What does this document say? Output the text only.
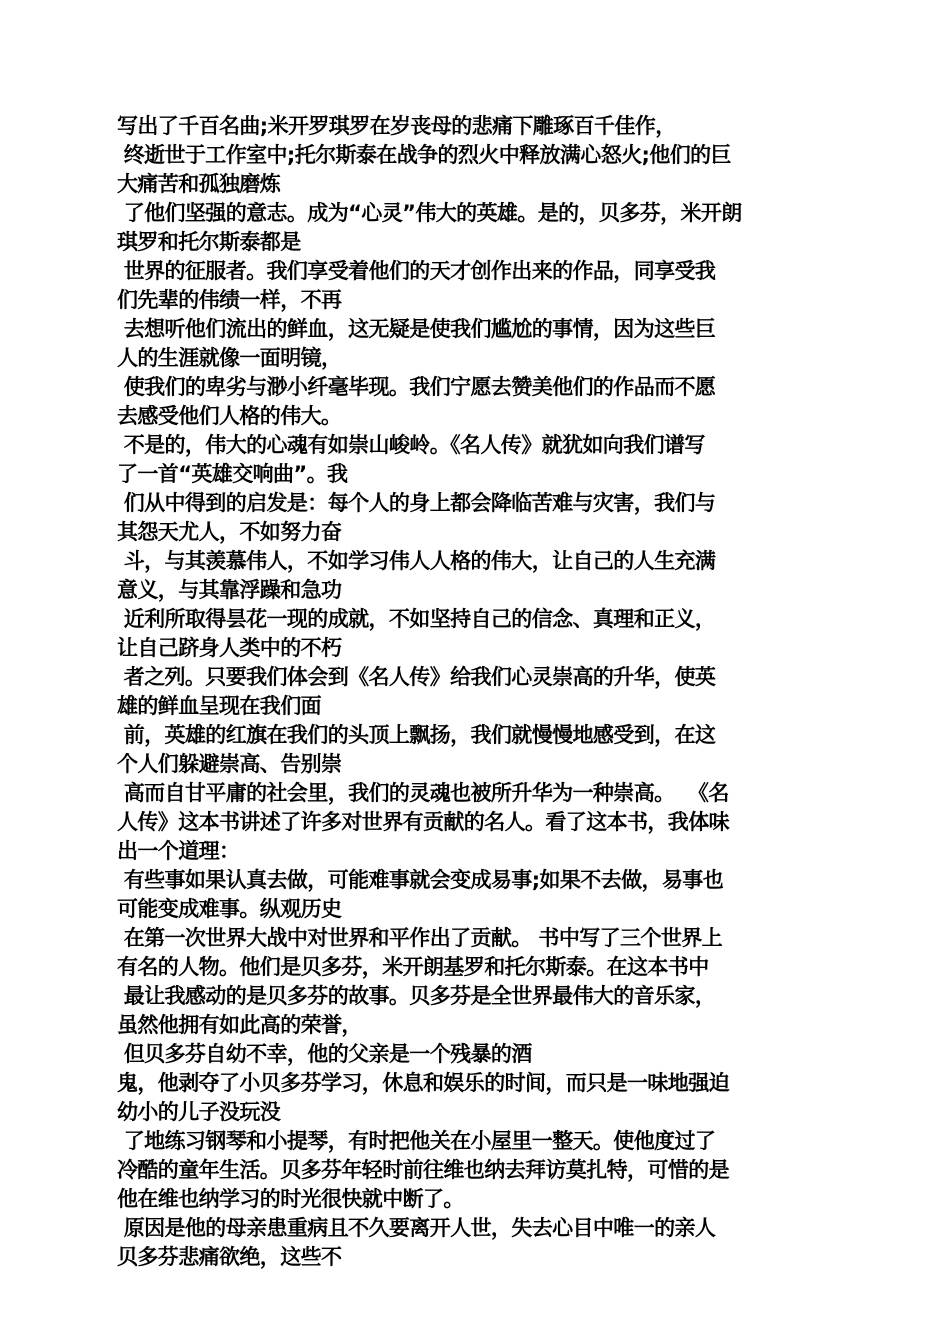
写出了千百名曲;米开罗琪罗在岁丧母的悲痛下雕琢百千佳作，
终逝世于工作室中;托尔斯泰在战争的烈火中释放满心怒火;他们的巨
大痛苦和孤独磨炼
了他们坚强的意志。成为“心灵”伟大的英雄。是的，贝多芬，米开朗
琪罗和托尔斯泰都是
世界的征服者。我们享受着他们的天才创作出来的作品，同享受我
们先辈的伟绩一样，不再
去想听他们流出的鲜血，这无疑是使我们尴尬的事情，因为这些巨
人的生涯就像一面明镜，
使我们的卑劣与渺小纤毫毕现。我们宁愿去赞美他们的作品而不愿
去感受他们人格的伟大。
不是的，伟大的心魂有如崇山峻岭。《名人传》就犹如向我们谱写
了一首“英雄交响曲”。我
们从中得到的启发是：每个人的身上都会降临苦难与灾害，我们与
其怨天尤人，不如努力奋
斗，与其羡慕伟人，不如学习伟人人格的伟大，让自己的人生充满
意义，与其靠浮躁和急功
近利所取得昙花一现的成就，不如坚持自己的信念、真理和正义，
让自己跻身人类中的不朽
者之列。只要我们体会到《名人传》给我们心灵崇高的升华，使英
雄的鲜血呈现在我们面
前，英雄的红旗在我们的头顶上飘扬，我们就慢慢地感受到，在这
个人们躲避崇高、告别崇
高而自甘平庸的社会里，我们的灵魂也被所升华为一种崇高。  《名
人传》这本书讲述了许多对世界有贡献的名人。看了这本书，我体味
出一个道理：
有些事如果认真去做，可能难事就会变成易事;如果不去做，易事也
可能变成难事。纵观历史
在第一次世界大战中对世界和平作出了贡献。 书中写了三个世界上
有名的人物。他们是贝多芬，米开朗基罗和托尔斯泰。在这本书中
最让我感动的是贝多芬的故事。贝多芬是全世界最伟大的音乐家，
虽然他拥有如此高的荣誉，
但贝多芬自幼不幸，他的父亲是一个残暴的酒
鬼，他剥夺了小贝多芬学习，休息和娱乐的时间，而只是一味地强迫
幼小的儿子没玩没
了地练习钢琴和小提琴，有时把他关在小屋里一整天。使他度过了
冷酷的童年生活。贝多芬年轻时前往维也纳去拜访莫扎特，可惜的是
他在维也纳学习的时光很快就中断了。
原因是他的母亲患重病且不久要离开人世，失去心目中唯一的亲人
贝多芬悲痛欲绝，这些不
